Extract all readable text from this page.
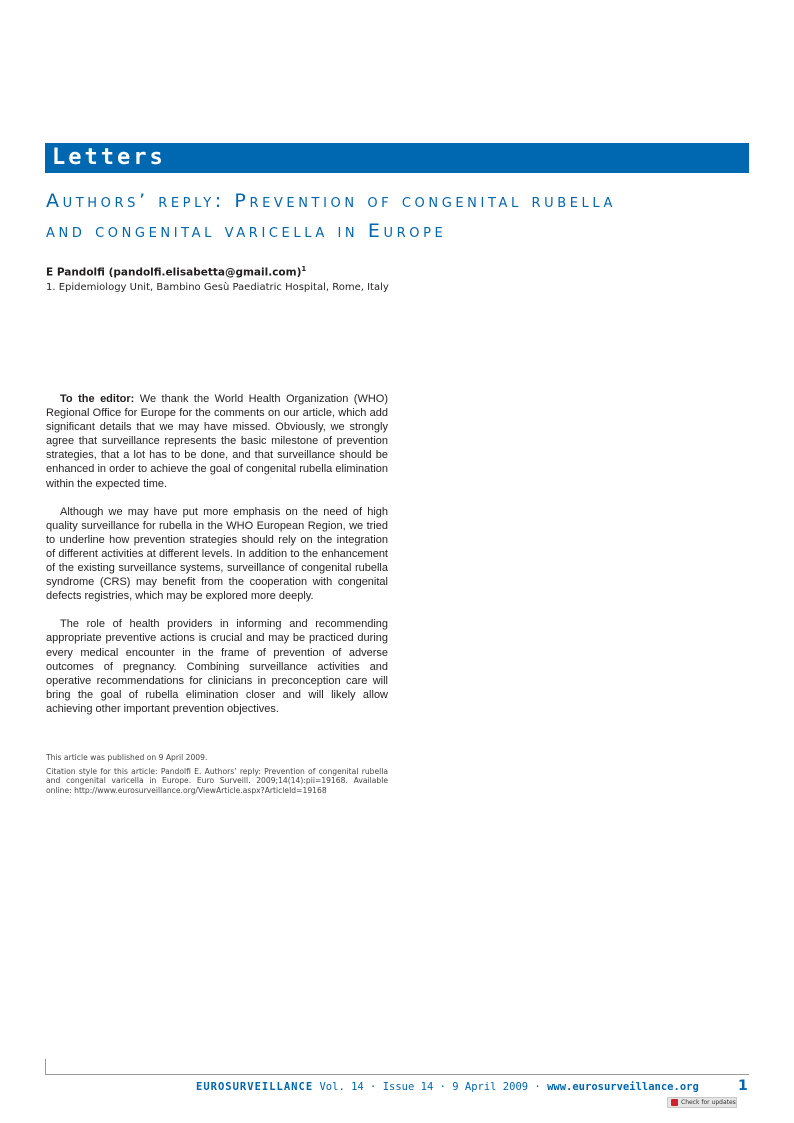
Letters
Authors’ reply: Prevention of congenital rubella
and congenital varicella in Europe
E Pandolfi (pandolfi.elisabetta@gmail.com)$^1$
1. Epidemiology Unit, Bambino Gesù Paediatric Hospital, Rome, Italy

To the editor: We thank the World Health Organization (WHO) Regional Office for Europe for the comments on our article, which add significant details that we may have missed. Obviously, we strongly agree that surveillance represents the basic milestone of prevention strategies, that a lot has to be done, and that surveillance should be enhanced in order to achieve the goal of congenital rubella elimination within the expected time.

Although we may have put more emphasis on the need of high quality surveillance for rubella in the WHO European Region, we tried to underline how prevention strategies should rely on the integration of different activities at different levels. In addition to the enhancement of the existing surveillance systems, surveillance of congenital rubella syndrome (CRS) may benefit from the cooperation with congenital defects registries, which may be explored more deeply.

The role of health providers in informing and recommending appropriate preventive actions is crucial and may be practiced during every medical encounter in the frame of prevention of adverse outcomes of pregnancy. Combining surveillance activities and operative recommendations for clinicians in preconception care will bring the goal of rubella elimination closer and will likely allow achieving other important prevention objectives.

This article was published on 9 April 2009.

Citation style for this article: Pandolfi E. Authors’ reply: Prevention of congenital rubella and congenital varicella in Europe. Euro Surveill. 2009;14(14):pii=19168. Available online: http://www.eurosurveillance.org/ViewArticle.aspx?ArticleId=19168

EUROSURVEILLANCE Vol. 14 · Issue 14 · 9 April 2009 · www.eurosurveillance.org	1
Check for updates
